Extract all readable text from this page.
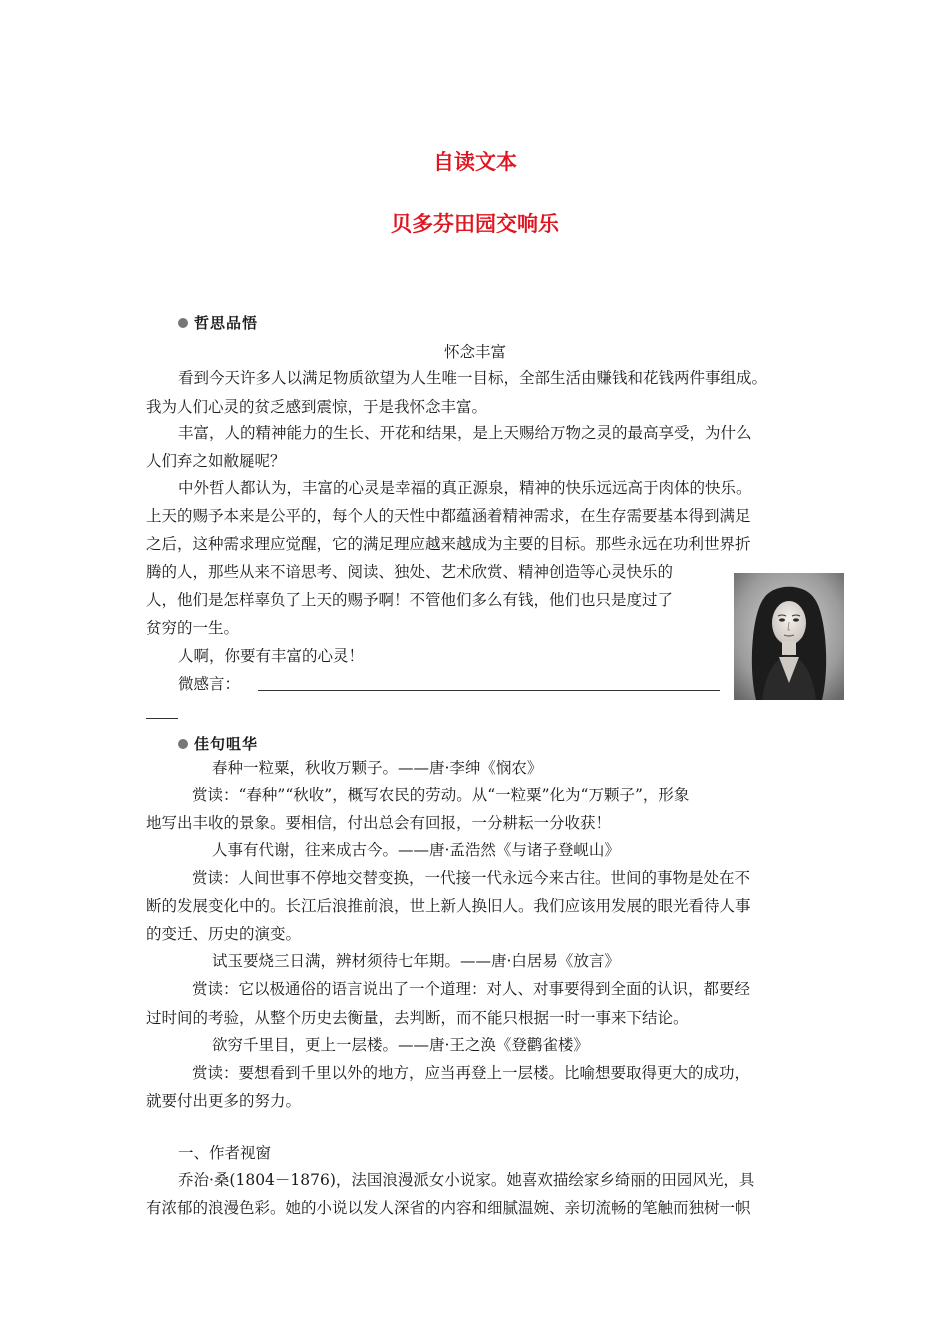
自读文本
贝多芬田园交响乐
哲思品悟
怀念丰富
看到今天许多人以满足物质欲望为人生唯一目标，全部生活由赚钱和花钱两件事组成。
我为人们心灵的贫乏感到震惊，于是我怀念丰富。
丰富，人的精神能力的生长、开花和结果，是上天赐给万物之灵的最高享受，为什么
人们弃之如敝屣呢？
中外哲人都认为，丰富的心灵是幸福的真正源泉，精神的快乐远远高于肉体的快乐。
上天的赐予本来是公平的，每个人的天性中都蕴涵着精神需求，在生存需要基本得到满足
之后，这种需求理应觉醒，它的满足理应越来越成为主要的目标。那些永远在功利世界折
腾的人，那些从来不谙思考、阅读、独处、艺术欣赏、精神创造等心灵快乐的
人，他们是怎样辜负了上天的赐予啊！不管他们多么有钱，他们也只是度过了
贫穷的一生。
人啊，你要有丰富的心灵！
微感言：
佳句咀华
春种一粒粟，秋收万颗子。——唐·李绅《悯农》
赏读：“春种”“秋收”，概写农民的劳动。从“一粒粟”化为“万颗子”，形象
地写出丰收的景象。要相信，付出总会有回报，一分耕耘一分收获！
人事有代谢，往来成古今。——唐·孟浩然《与诸子登岘山》
赏读：人间世事不停地交替变换，一代接一代永远今来古往。世间的事物是处在不
断的发展变化中的。长江后浪推前浪，世上新人换旧人。我们应该用发展的眼光看待人事
的变迁、历史的演变。
试玉要烧三日满，辨材须待七年期。——唐·白居易《放言》
赏读：它以极通俗的语言说出了一个道理：对人、对事要得到全面的认识，都要经
过时间的考验，从整个历史去衡量，去判断，而不能只根据一时一事来下结论。
欲穷千里目，更上一层楼。——唐·王之涣《登鹳雀楼》
赏读：要想看到千里以外的地方，应当再登上一层楼。比喻想要取得更大的成功，
就要付出更多的努力。
一、作者视窗
乔治·桑(1804－1876)，法国浪漫派女小说家。她喜欢描绘家乡绮丽的田园风光，具
有浓郁的浪漫色彩。她的小说以发人深省的内容和细腻温婉、亲切流畅的笔触而独树一帜
